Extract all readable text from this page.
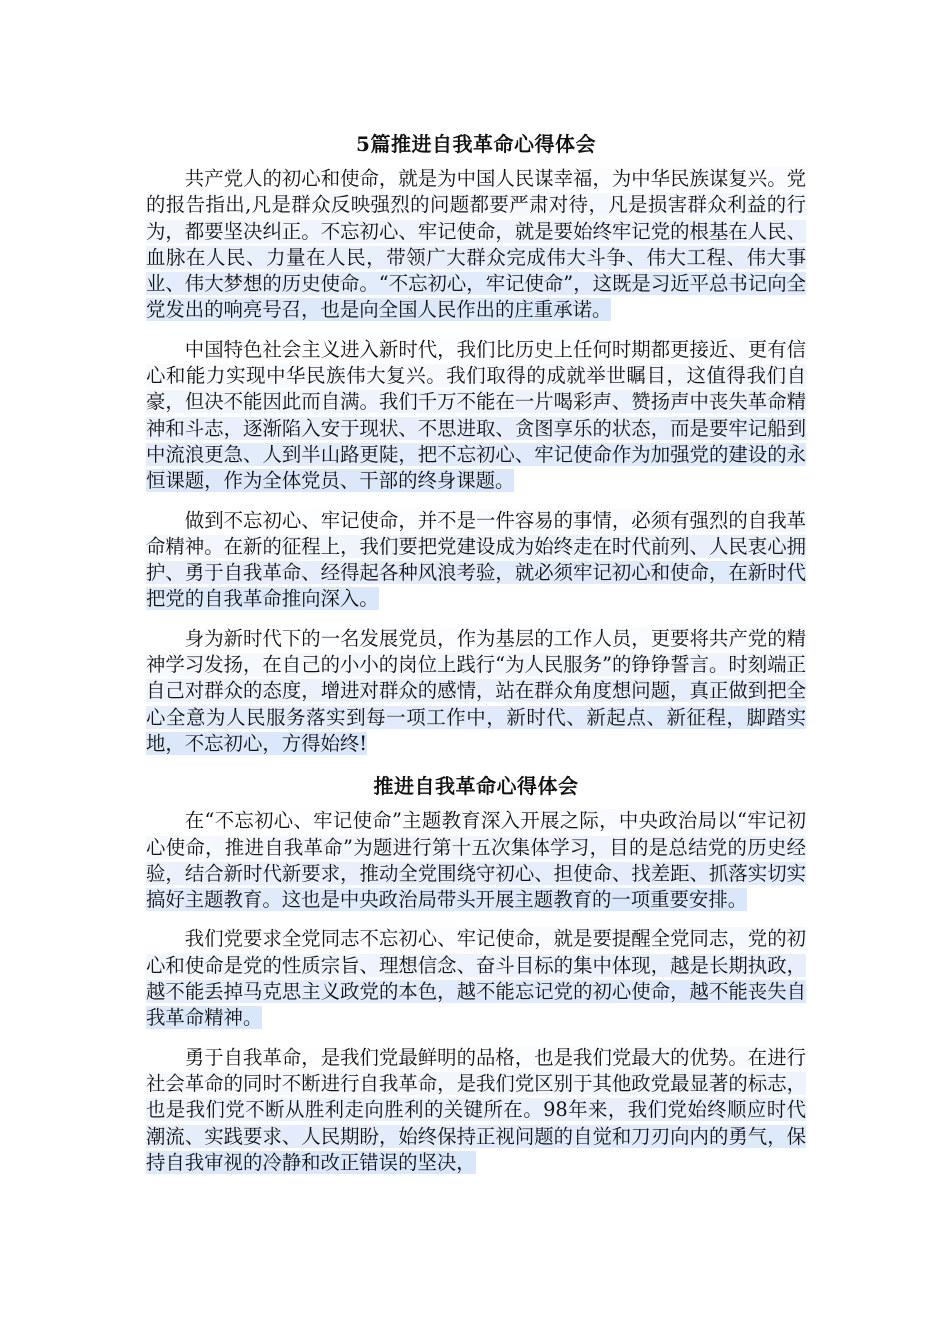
5篇推进自我革命心得体会

共产党人的初心和使命，就是为中国人民谋幸福，为中华民族谋复兴。党的报告指出,凡是群众反映强烈的问题都要严肃对待，凡是损害群众利益的行为，都要坚决纠正。不忘初心、牢记使命，就是要始终牢记党的根基在人民、血脉在人民、力量在人民，带领广大群众完成伟大斗争、伟大工程、伟大事业、伟大梦想的历史使命。“不忘初心，牢记使命”，这既是习近平总书记向全党发出的响亮号召，也是向全国人民作出的庄重承诺。

中国特色社会主义进入新时代，我们比历史上任何时期都更接近、更有信心和能力实现中华民族伟大复兴。我们取得的成就举世瞩目，这值得我们自豪，但决不能因此而自满。我们千万不能在一片喝彩声、赞扬声中丧失革命精神和斗志，逐渐陷入安于现状、不思进取、贪图享乐的状态，而是要牢记船到中流浪更急、人到半山路更陡，把不忘初心、牢记使命作为加强党的建设的永恒课题，作为全体党员、干部的终身课题。

做到不忘初心、牢记使命，并不是一件容易的事情，必须有强烈的自我革命精神。在新的征程上，我们要把党建设成为始终走在时代前列、人民衷心拥护、勇于自我革命、经得起各种风浪考验，就必须牢记初心和使命，在新时代把党的自我革命推向深入。

身为新时代下的一名发展党员，作为基层的工作人员，更要将共产党的精神学习发扬，在自己的小小的岗位上践行“为人民服务”的铮铮誓言。时刻端正自己对群众的态度，增进对群众的感情，站在群众角度想问题，真正做到把全心全意为人民服务落实到每一项工作中，新时代、新起点、新征程，脚踏实地，不忘初心，方得始终!

推进自我革命心得体会

在“不忘初心、牢记使命”主题教育深入开展之际，中央政治局以“牢记初心使命，推进自我革命”为题进行第十五次集体学习，目的是总结党的历史经验，结合新时代新要求，推动全党围绕守初心、担使命、找差距、抓落实切实搞好主题教育。这也是中央政治局带头开展主题教育的一项重要安排。

我们党要求全党同志不忘初心、牢记使命，就是要提醒全党同志，党的初心和使命是党的性质宗旨、理想信念、奋斗目标的集中体现，越是长期执政，越不能丢掉马克思主义政党的本色，越不能忘记党的初心使命，越不能丧失自我革命精神。

勇于自我革命，是我们党最鲜明的品格，也是我们党最大的优势。在进行社会革命的同时不断进行自我革命，是我们党区别于其他政党最显著的标志，也是我们党不断从胜利走向胜利的关键所在。98年来，我们党始终顺应时代潮流、实践要求、人民期盼，始终保持正视问题的自觉和刀刃向内的勇气，保持自我审视的冷静和改正错误的坚决，
